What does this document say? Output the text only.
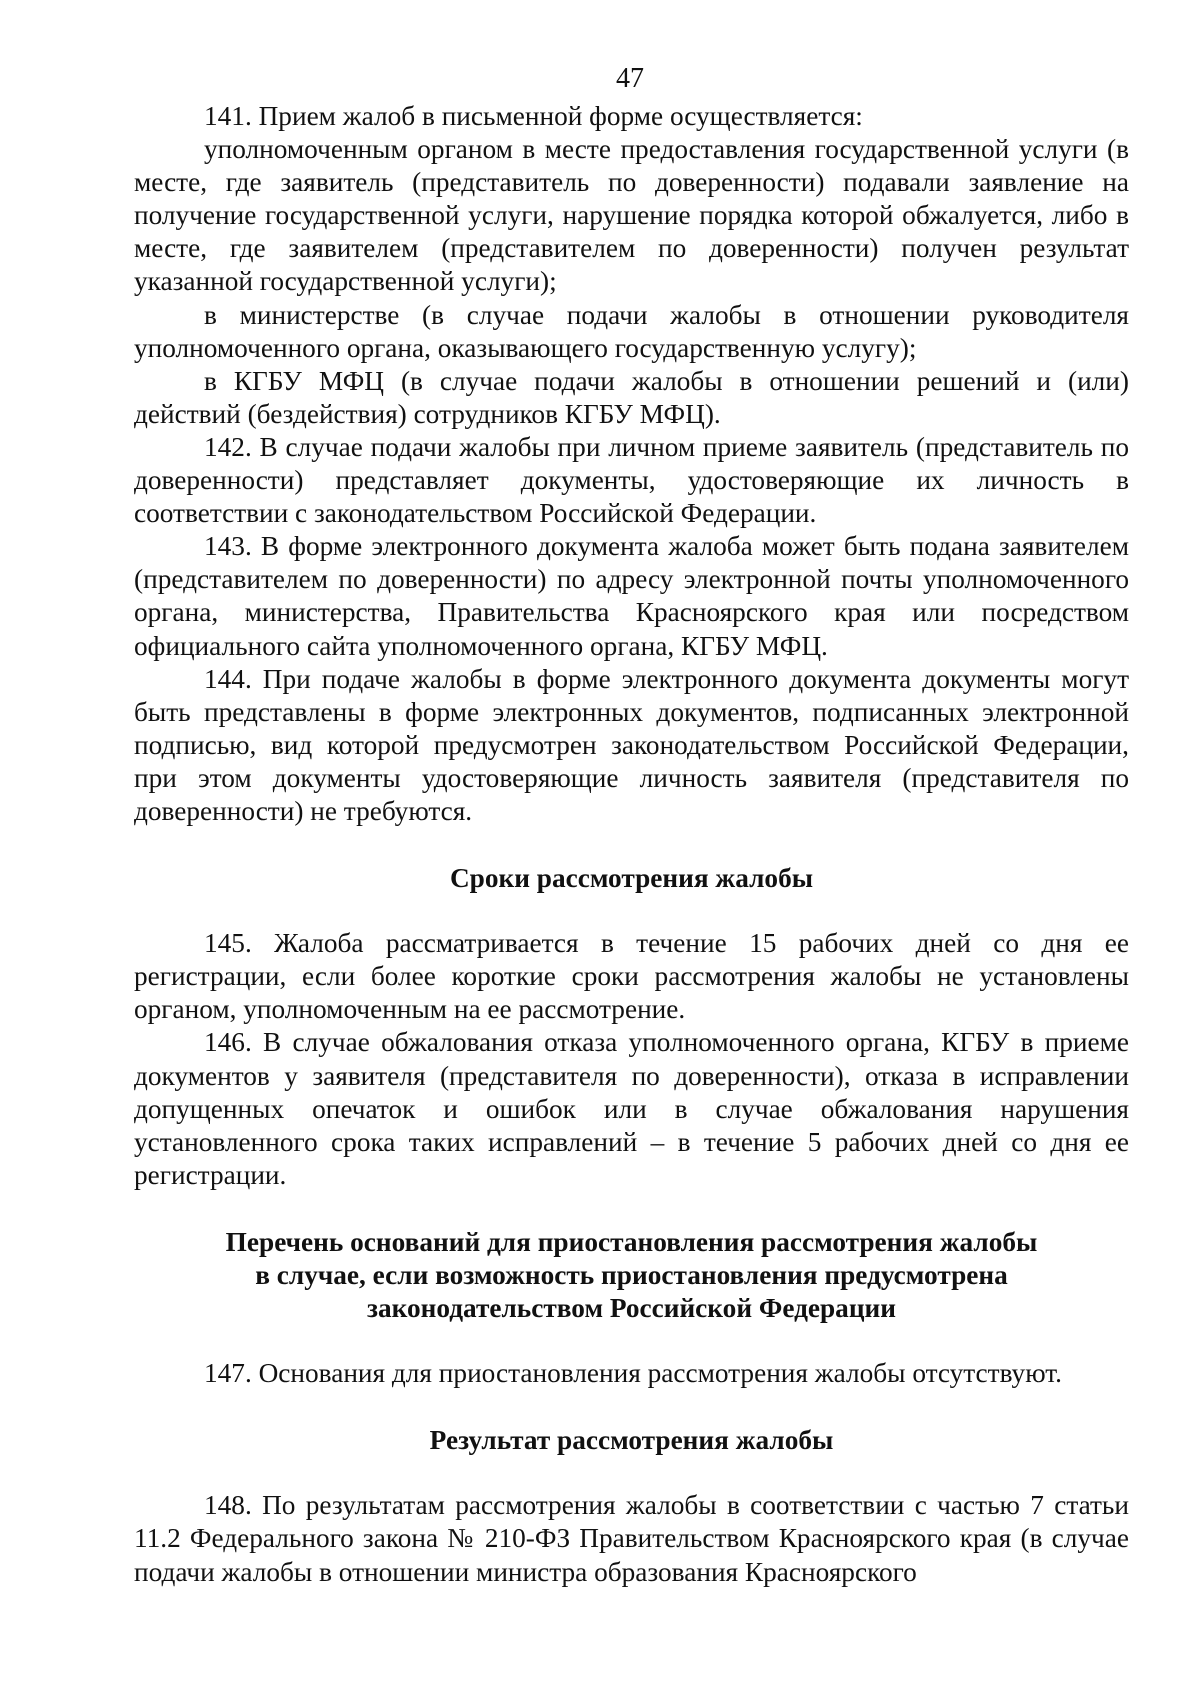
47

141. Прием жалоб в письменной форме осуществляется:

уполномоченным органом в месте предоставления государственной услуги (в месте, где заявитель (представитель по доверенности) подавали заявление на получение государственной услуги, нарушение порядка которой обжалуется, либо в месте, где заявителем (представителем по доверенности) получен результат указанной государственной услуги);

в министерстве (в случае подачи жалобы в отношении руководителя уполномоченного органа, оказывающего государственную услугу);

в КГБУ МФЦ (в случае подачи жалобы в отношении решений и (или) действий (бездействия) сотрудников КГБУ МФЦ).

142. В случае подачи жалобы при личном приеме заявитель (представитель по доверенности) представляет документы, удостоверяющие их личность в соответствии с законодательством Российской Федерации.

143. В форме электронного документа жалоба может быть подана заявителем (представителем по доверенности) по адресу электронной почты уполномоченного органа, министерства, Правительства Красноярского края или посредством официального сайта уполномоченного органа, КГБУ МФЦ.

144. При подаче жалобы в форме электронного документа документы могут быть представлены в форме электронных документов, подписанных электронной подписью, вид которой предусмотрен законодательством Российской Федерации, при этом документы удостоверяющие личность заявителя (представителя по доверенности) не требуются.

Сроки рассмотрения жалобы

145. Жалоба рассматривается в течение 15 рабочих дней со дня ее регистрации, если более короткие сроки рассмотрения жалобы не установлены органом, уполномоченным на ее рассмотрение.

146. В случае обжалования отказа уполномоченного органа, КГБУ в приеме документов у заявителя (представителя по доверенности), отказа в исправлении допущенных опечаток и ошибок или в случае обжалования нарушения установленного срока таких исправлений – в течение 5 рабочих дней со дня ее регистрации.

Перечень оснований для приостановления рассмотрения жалобы
в случае, если возможность приостановления предусмотрена
законодательством Российской Федерации

147. Основания для приостановления рассмотрения жалобы отсутствуют.

Результат рассмотрения жалобы

148. По результатам рассмотрения жалобы в соответствии с частью 7 статьи 11.2 Федерального закона № 210-ФЗ Правительством Красноярского края (в случае подачи жалобы в отношении министра образования Красноярского
